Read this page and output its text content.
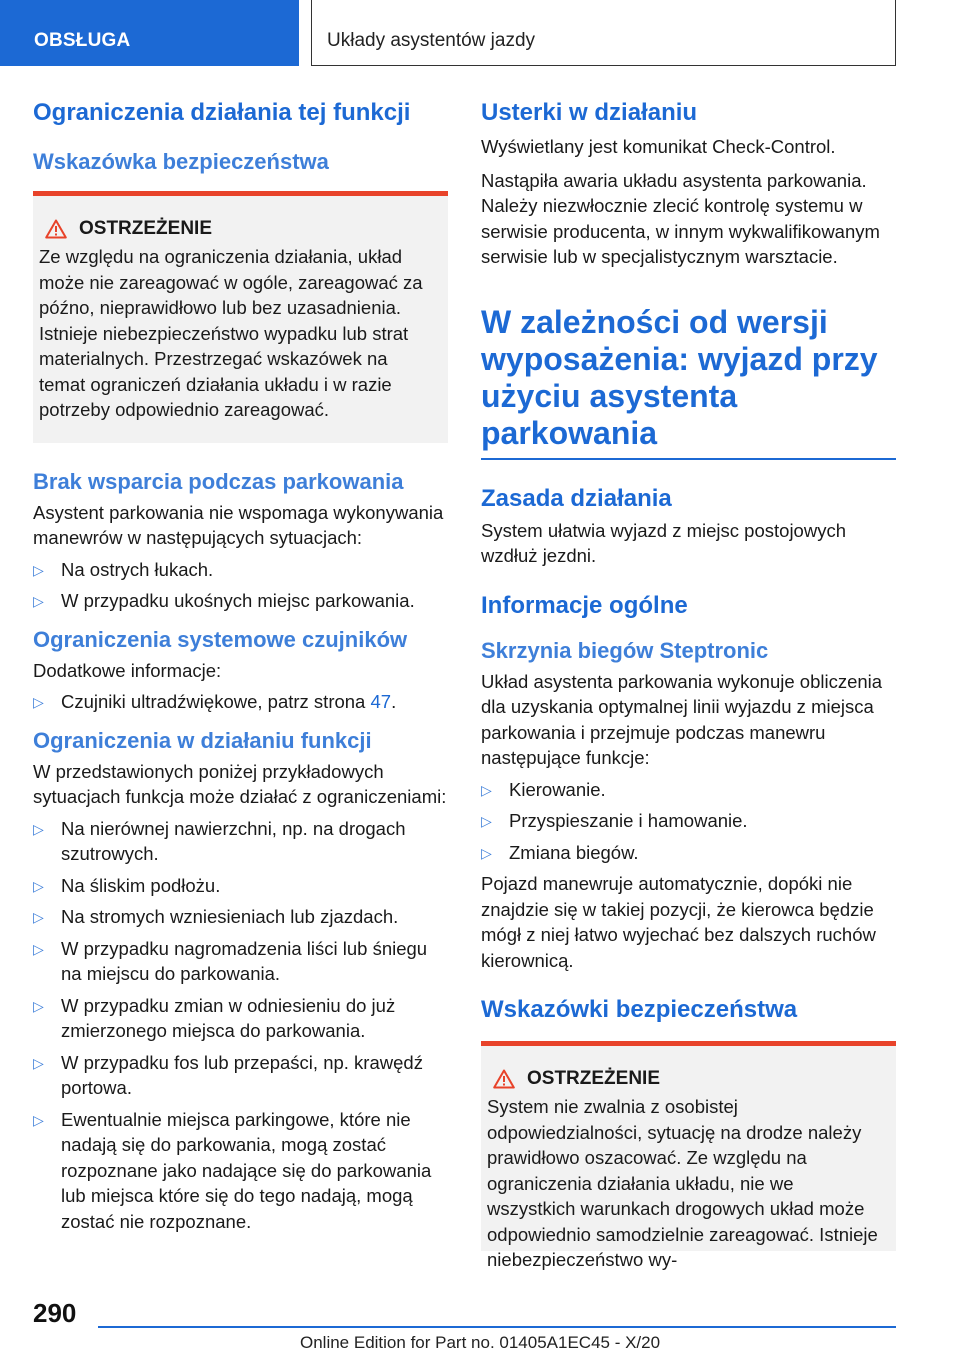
OBSŁUGA	Układy asystentów jazdy
Ograniczenia działania tej funkcji
Wskazówka bezpieczeństwa
OSTRZEŻENIE

Ze względu na ograniczenia działania, układ może nie zareagować w ogóle, zareagować za późno, nieprawidłowo lub bez uzasadnienia. Istnieje niebezpieczeństwo wypadku lub strat materialnych. Przestrzegać wskazówek na temat ograniczeń działania układu i w razie potrzeby odpowiednio zareagować.

Brak wsparcia podczas parkowania

Asystent parkowania nie wspomaga wykonywania manewrów w następujących sytuacjach:

▷ Na ostrych łukach.
▷ W przypadku ukośnych miejsc parkowania.
Ograniczenia systemowe czujników

Dodatkowe informacje:

▷ Czujniki ultradźwiękowe, patrz strona 47.
Ograniczenia w działaniu funkcji

W przedstawionych poniżej przykładowych sytuacjach funkcja może działać z ograniczeniami:

▷ Na nierównej nawierzchni, np. na drogach szutrowych.
▷ Na śliskim podłożu.
▷ Na stromych wzniesieniach lub zjazdach.
▷ W przypadku nagromadzenia liści lub śniegu na miejscu do parkowania.
▷ W przypadku zmian w odniesieniu do już zmierzonego miejsca do parkowania.
▷ W przypadku fos lub przepaści, np. krawędź portowa.
▷ Ewentualnie miejsca parkingowe, które nie nadają się do parkowania, mogą zostać rozpoznane jako nadające się do parkowania lub miejsca które się do tego nadają, mogą zostać nie rozpoznane.
Usterki w działaniu

Wyświetlany jest komunikat Check-Control.

Nastąpiła awaria układu asystenta parkowania. Należy niezwłocznie zlecić kontrolę systemu w serwisie producenta, w innym wykwalifikowanym serwisie lub w specjalistycznym warsztacie.

W zależności od wersji wyposażenia: wyjazd przy użyciu asystenta parkowania
Zasada działania

System ułatwia wyjazd z miejsc postojowych wzdłuż jezdni.

Informacje ogólne
Skrzynia biegów Steptronic

Układ asystenta parkowania wykonuje obliczenia dla uzyskania optymalnej linii wyjazdu z miejsca parkowania i przejmuje podczas manewru następujące funkcje:

▷ Kierowanie.
▷ Przyspieszanie i hamowanie.
▷ Zmiana biegów.

Pojazd manewruje automatycznie, dopóki nie znajdzie się w takiej pozycji, że kierowca będzie mógł z niej łatwo wyjechać bez dalszych ruchów kierownicą.

Wskazówki bezpieczeństwa
OSTRZEŻENIE

System nie zwalnia z osobistej odpowiedzialności, sytuację na drodze należy prawidłowo oszacować. Ze względu na ograniczenia działania układu, nie we wszystkich warunkach drogowych układ może odpowiednio samodzielnie zareagować. Istnieje niebezpieczeństwo wy-

290
Online Edition for Part no. 01405A1EC45 - X/20
